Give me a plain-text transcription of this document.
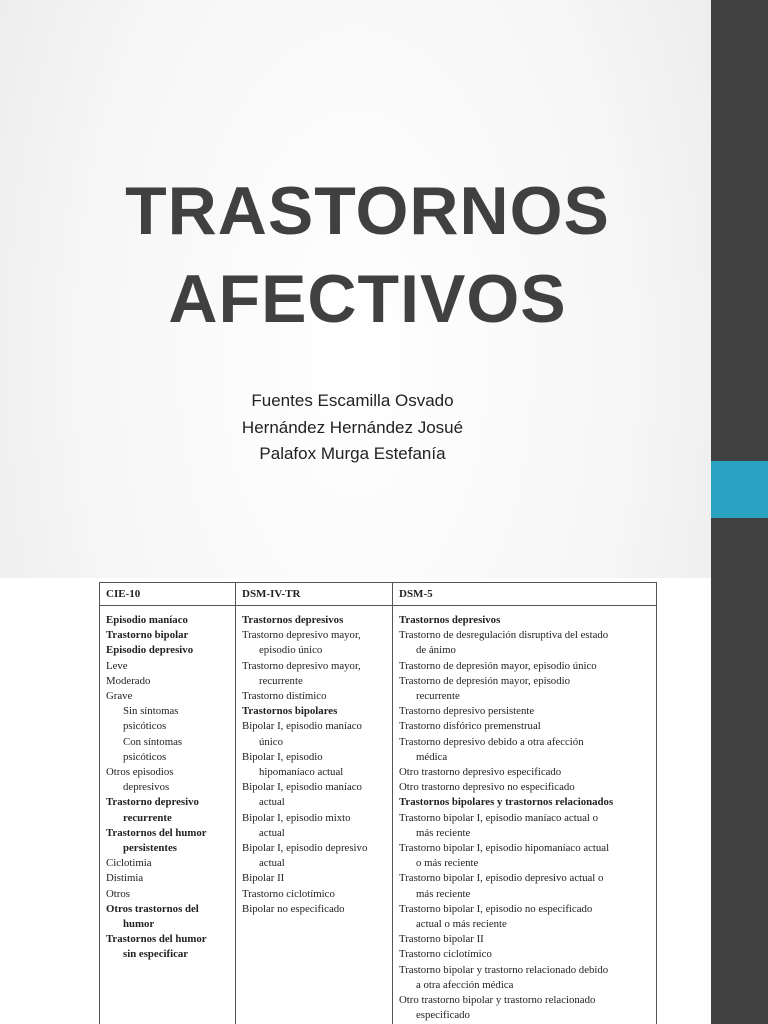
TRASTORNOS
AFECTIVOS
Fuentes Escamilla Osvado
Hernández Hernández Josué
Palafox Murga Estefanía
CIE-10
Episodio maníaco
Trastorno bipolar
Episodio depresivo
Leve
Moderado
Grave
Sin síntomas
psicóticos
Con síntomas
psicóticos
Otros episodios
depresivos
Trastorno depresivo
recurrente
Trastornos del humor
persistentes
Ciclotimia
Distimia
Otros
Otros trastornos del
humor
Trastornos del humor
sin especificar
DSM-IV-TR
Trastornos depresivos
Trastorno depresivo mayor,
episodio único
Trastorno depresivo mayor,
recurrente
Trastorno distímico
Trastornos bipolares
Bipolar I, episodio maníaco
único
Bipolar I, episodio
hipomaníaco actual
Bipolar I, episodio maníaco
actual
Bipolar I, episodio mixto
actual
Bipolar I, episodio depresivo
actual
Bipolar II
Trastorno ciclotímico
Bipolar no especificado
DSM-5
Trastornos depresivos
Trastorno de desregulación disruptiva del estado
de ánimo
Trastorno de depresión mayor, episodio único
Trastorno de depresión mayor, episodio
recurrente
Trastorno depresivo persistente
Trastorno disfórico premenstrual
Trastorno depresivo debido a otra afección
médica
Otro trastorno depresivo especificado
Otro trastorno depresivo no especificado
Trastornos bipolares y trastornos relacionados
Trastorno bipolar I, episodio maníaco actual o
más reciente
Trastorno bipolar I, episodio hipomaníaco actual
o más reciente
Trastorno bipolar I, episodio depresivo actual o
más reciente
Trastorno bipolar I, episodio no especificado
actual o más reciente
Trastorno bipolar II
Trastorno ciclotímico
Trastorno bipolar y trastorno relacionado debido
a otra afección médica
Otro trastorno bipolar y trastorno relacionado
especificado
